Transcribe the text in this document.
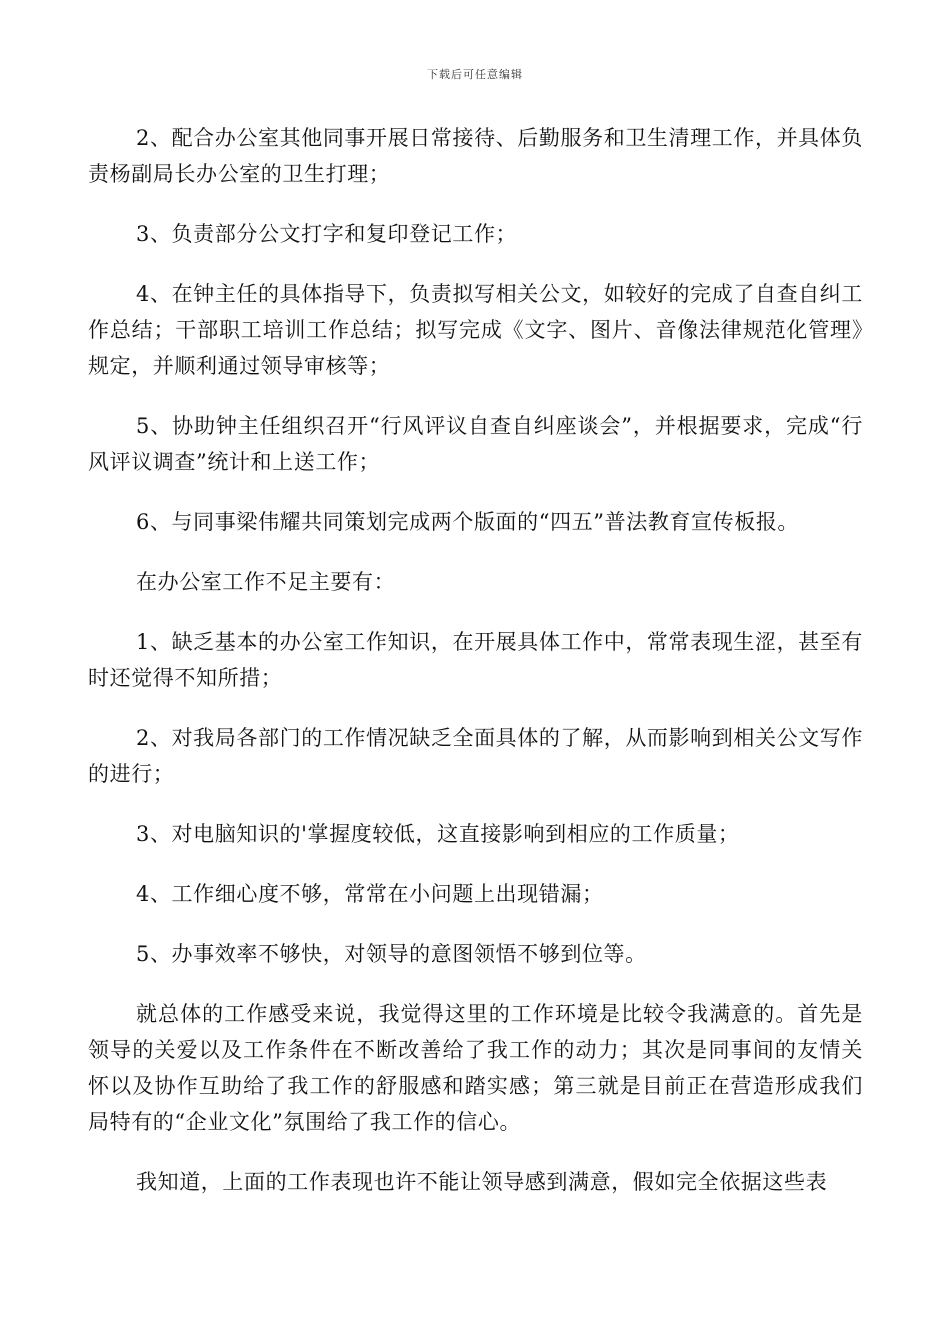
下载后可任意编辑

2、配合办公室其他同事开展日常接待、后勤服务和卫生清理工作，并具体负责杨副局长办公室的卫生打理；

3、负责部分公文打字和复印登记工作；

4、在钟主任的具体指导下，负责拟写相关公文，如较好的完成了自查自纠工作总结；干部职工培训工作总结；拟写完成《文字、图片、音像法律规范化管理》规定，并顺利通过领导审核等；

5、协助钟主任组织召开“行风评议自查自纠座谈会”，并根据要求，完成“行风评议调查”统计和上送工作；

6、与同事梁伟耀共同策划完成两个版面的“四五”普法教育宣传板报。

在办公室工作不足主要有：

1、缺乏基本的办公室工作知识，在开展具体工作中，常常表现生涩，甚至有时还觉得不知所措；

2、对我局各部门的工作情况缺乏全面具体的了解，从而影响到相关公文写作的进行；

3、对电脑知识的'掌握度较低，这直接影响到相应的工作质量；

4、工作细心度不够，常常在小问题上出现错漏；

5、办事效率不够快，对领导的意图领悟不够到位等。

就总体的工作感受来说，我觉得这里的工作环境是比较令我满意的。首先是领导的关爱以及工作条件在不断改善给了我工作的动力；其次是同事间的友情关怀以及协作互助给了我工作的舒服感和踏实感；第三就是目前正在营造形成我们局特有的“企业文化”氛围给了我工作的信心。

我知道，上面的工作表现也许不能让领导感到满意，假如完全依据这些表
